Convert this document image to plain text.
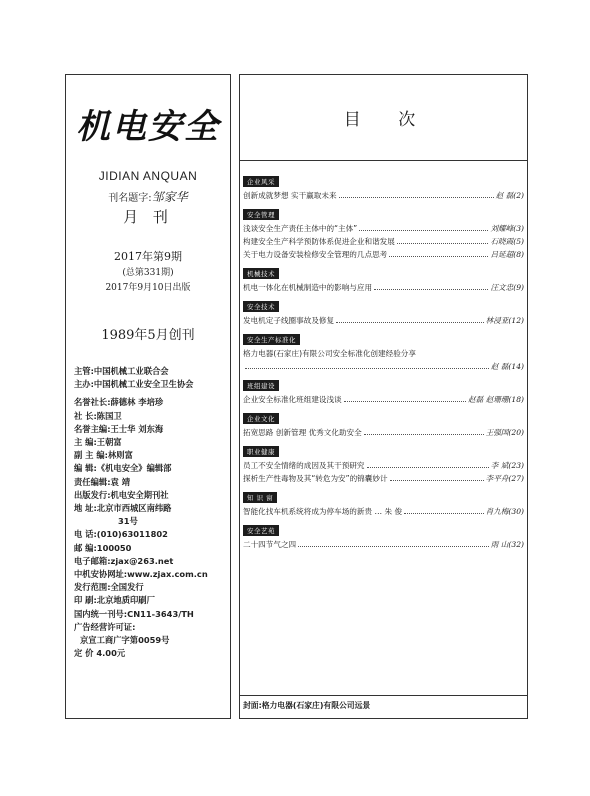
机电安全
JIDIAN ANQUAN
刊名题字:邹家华
月 刊
2017年第9期
(总第331期)
2017年9月10日出版
1989年5月创刊
主管:中国机械工业联合会
主办:中国机械工业安全卫生协会
名誉社长:薛德林 李培珍
社 长:陈国卫
名誉主编:王士华 刘东海
主 编:王朝富
副 主 编:林则富
编 辑:《机电安全》编辑部
责任编辑:袁 靖
出版发行:机电安全期刊社
地 址:北京市西城区南纬路
31号
电 话:(010)63011802
邮 编:100050
电子邮箱:zjax@263.net
中机安协网址:www.zjax.com.cn
发行范围:全国发行
印 刷:北京地质印刷厂
国内统一刊号:CN11-3643/TH
广告经营许可证:
京宣工商广字第0059号
定 价 4.00元
目 次
企业风采
创新成就梦想 实干赢取未来	赵 磊(2)
安全管理
浅谈安全生产责任主体中的“主体”	刘耀峰(3)
构建安全生产科学预防体系促进企业和谐发展	石晓霞(5)
关于电力设备安装检修安全管理的几点思考	吕延超(8)
机械技术
机电一体化在机械制造中的影响与应用	汪文忠(9)
安全技术
发电机定子线圈事故及修复	林浸亚(12)
安全生产标准化
格力电器(石家庄)有限公司安全标准化创建经验分享
赵 磊(14)
班组建设
企业安全标准化班组建设浅谈	赵磊 赵珊珊(18)
企业文化
拓宽思路 创新管理 优秀文化助安全	王强国(20)
职业健康
员工不安全情绪的成因及其干预研究	李 斌(23)
探析生产性毒物及其“转危为安”的锦囊妙计	李平舟(27)
知 识 窗
智能化找车机系统将成为停车场的新贵 … 朱 俊	肖九梅(30)
安全艺苑
二十四节气之四	雨 山(32)
封面:格力电器(石家庄)有限公司远景
